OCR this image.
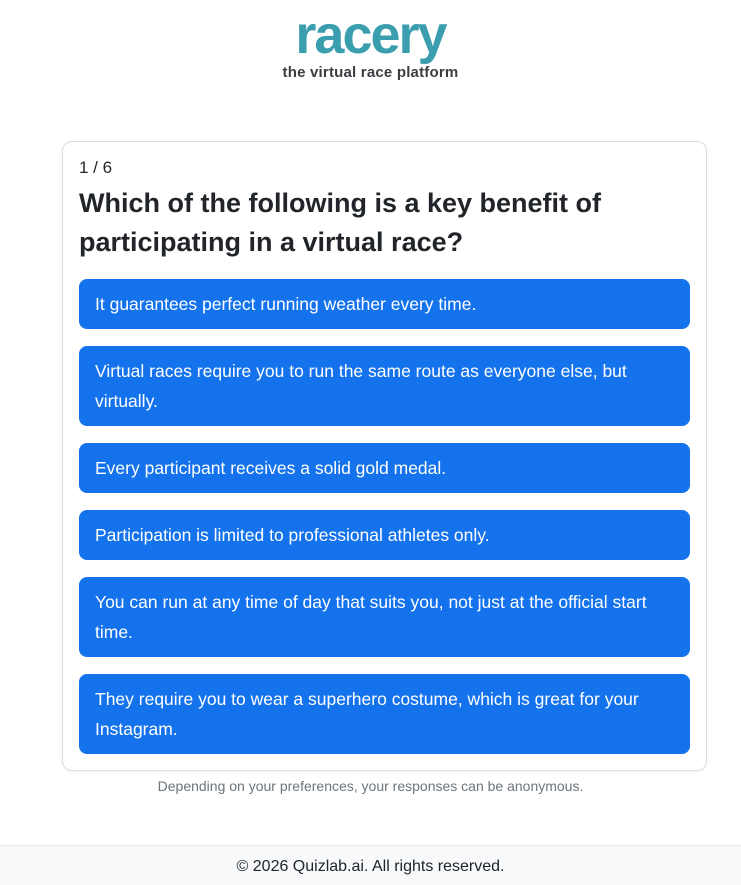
racery
the virtual race platform
1 / 6
Which of the following is a key benefit of participating in a virtual race?
It guarantees perfect running weather every time.
Virtual races require you to run the same route as everyone else, but virtually.
Every participant receives a solid gold medal.
Participation is limited to professional athletes only.
You can run at any time of day that suits you, not just at the official start time.
They require you to wear a superhero costume, which is great for your Instagram.
Depending on your preferences, your responses can be anonymous.
© 2026 Quizlab.ai. All rights reserved.
